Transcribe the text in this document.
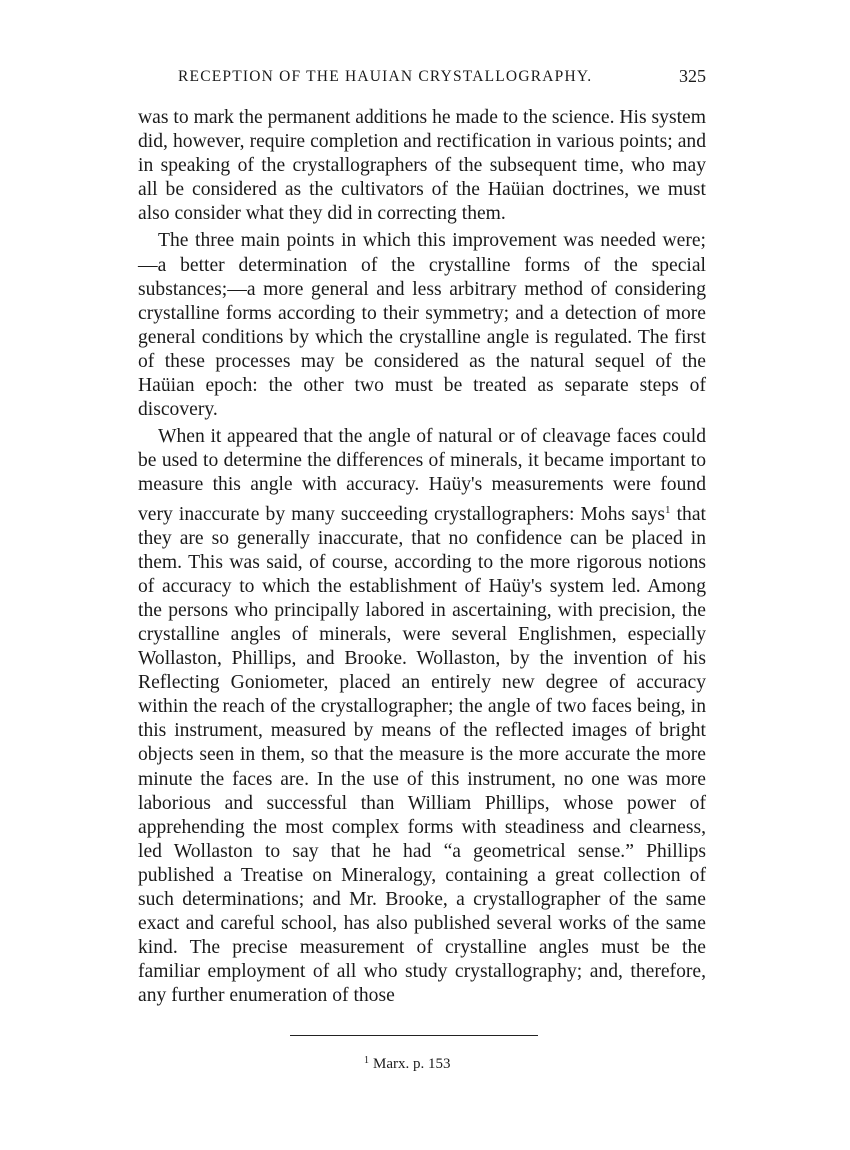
RECEPTION OF THE HAUIAN CRYSTALLOGRAPHY.	325

was to mark the permanent additions he made to the science. His system did, however, require completion and rectification in various points; and in speaking of the crystallographers of the subsequent time, who may all be considered as the cultivators of the Haüian doctrines, we must also consider what they did in correcting them.

The three main points in which this improvement was needed were;—a better determination of the crystalline forms of the special substances;—a more general and less arbitrary method of considering crystalline forms according to their symmetry; and a detection of more general conditions by which the crystalline angle is regulated. The first of these processes may be considered as the natural sequel of the Haüian epoch: the other two must be treated as separate steps of discovery.

When it appeared that the angle of natural or of cleavage faces could be used to determine the differences of minerals, it became important to measure this angle with accuracy. Haüy's measurements were found very inaccurate by many succeeding crystallographers: Mohs says$^1$ that they are so generally inaccurate, that no confidence can be placed in them. This was said, of course, according to the more rigorous notions of accuracy to which the establishment of Haüy's system led. Among the persons who principally labored in ascertaining, with precision, the crystalline angles of minerals, were several Englishmen, especially Wollaston, Phillips, and Brooke. Wollaston, by the invention of his Reflecting Goniometer, placed an entirely new degree of accuracy within the reach of the crystallographer; the angle of two faces being, in this instrument, measured by means of the reflected images of bright objects seen in them, so that the measure is the more accurate the more minute the faces are. In the use of this instrument, no one was more laborious and successful than William Phillips, whose power of apprehending the most complex forms with steadiness and clearness, led Wollaston to say that he had “a geometrical sense.” Phillips published a Treatise on Mineralogy, containing a great collection of such determinations; and Mr. Brooke, a crystallographer of the same exact and careful school, has also published several works of the same kind. The precise measurement of crystalline angles must be the familiar employment of all who study crystallography; and, therefore, any further enumeration of those

$^1$ Marx. p. 153
